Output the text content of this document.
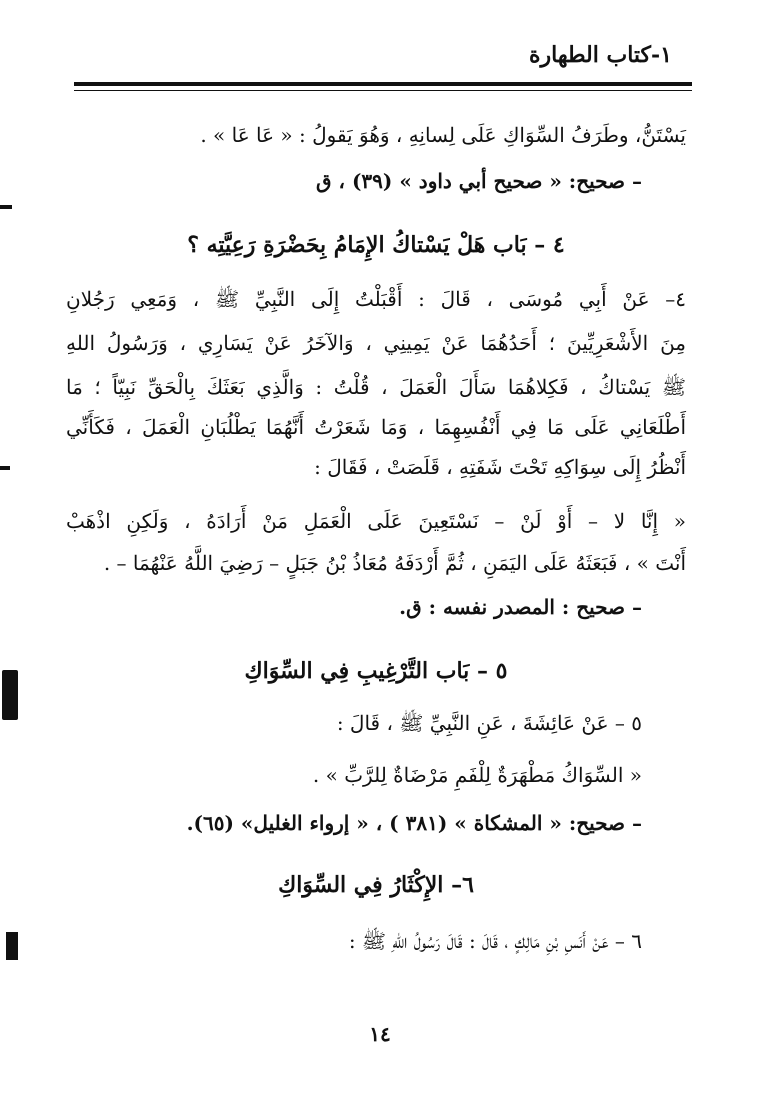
١-كتاب الطهارة
يَسْتَنُّ، وطَرَفُ السِّوَاكِ عَلَى لِسانِهِ ، وَهُوَ يَقولُ : « عَا عَا » .
– صحيح: « صحيح أبي داود » (٣٩) ، ق
٤ – بَاب هَلْ يَسْتاكُ الإِمَامُ بِحَضْرَةِ رَعِيَّتِه ؟
٤– عَنْ أَبِي مُوسَى ، قَالَ : أَقْبَلْتُ إِلَى النَّبِيِّ ﷺ ، وَمَعِي رَجُلانِ
مِنَ الأَشْعَرِيِّينَ ؛ أَحَدُهُمَا عَنْ يَمِينِي ، وَالآخَرُ عَنْ يَسَارِي ، وَرَسُولُ اللهِ
ﷺ يَسْتاكُ ، فَكِلاهُمَا سَأَلَ الْعَمَلَ ، قُلْتُ : وَالَّذِي بَعَثَكَ بِالْحَقِّ نَبِيّاً ؛ مَا
أَطْلَعَانِي عَلَى مَا فِي أَنْفُسِهِمَا ، وَمَا شَعَرْتُ أَنَّهُمَا يَطْلُبَانِ الْعَمَلَ ، فَكَأَنِّي
أَنْظُرُ إِلَى سِوَاكِهِ تَحْتَ شَفَتِهِ ، قَلَصَتْ ، فَقَالَ :
« إِنَّا لا – أَوْ لَنْ – نَسْتَعِينَ عَلَى الْعَمَلِ مَنْ أَرَادَهُ ، وَلَكِنِ اذْهَبْ
أَنْتَ » ، فَبَعَثَهُ عَلَى اليَمَنِ ، ثُمَّ أَرْدَفَهُ مُعَاذُ بْنُ جَبَلٍ – رَضِيَ اللَّهُ عَنْهُمَا – .
– صحيح : المصدر نفسه : ق.
٥ – بَاب التَّرْغِيبِ فِي السِّوَاكِ
٥ – عَنْ عَائِشَةَ ، عَنِ النَّبِيِّ ﷺ ، قَالَ :
« السِّوَاكُ مَطْهَرَةٌ لِلْفَمِ مَرْضَاةٌ لِلرَّبِّ » .
– صحيح: « المشكاة » (٣٨١ ) ، « إرواء الغليل» (٦٥).
٦– الإِكْثَارُ فِي السِّوَاكِ
٦ – عَنْ أَنَسِ بْنِ مَالِكٍ ، قَالَ : قَالَ رَسُولُ اللهِ ﷺ :
١٤
